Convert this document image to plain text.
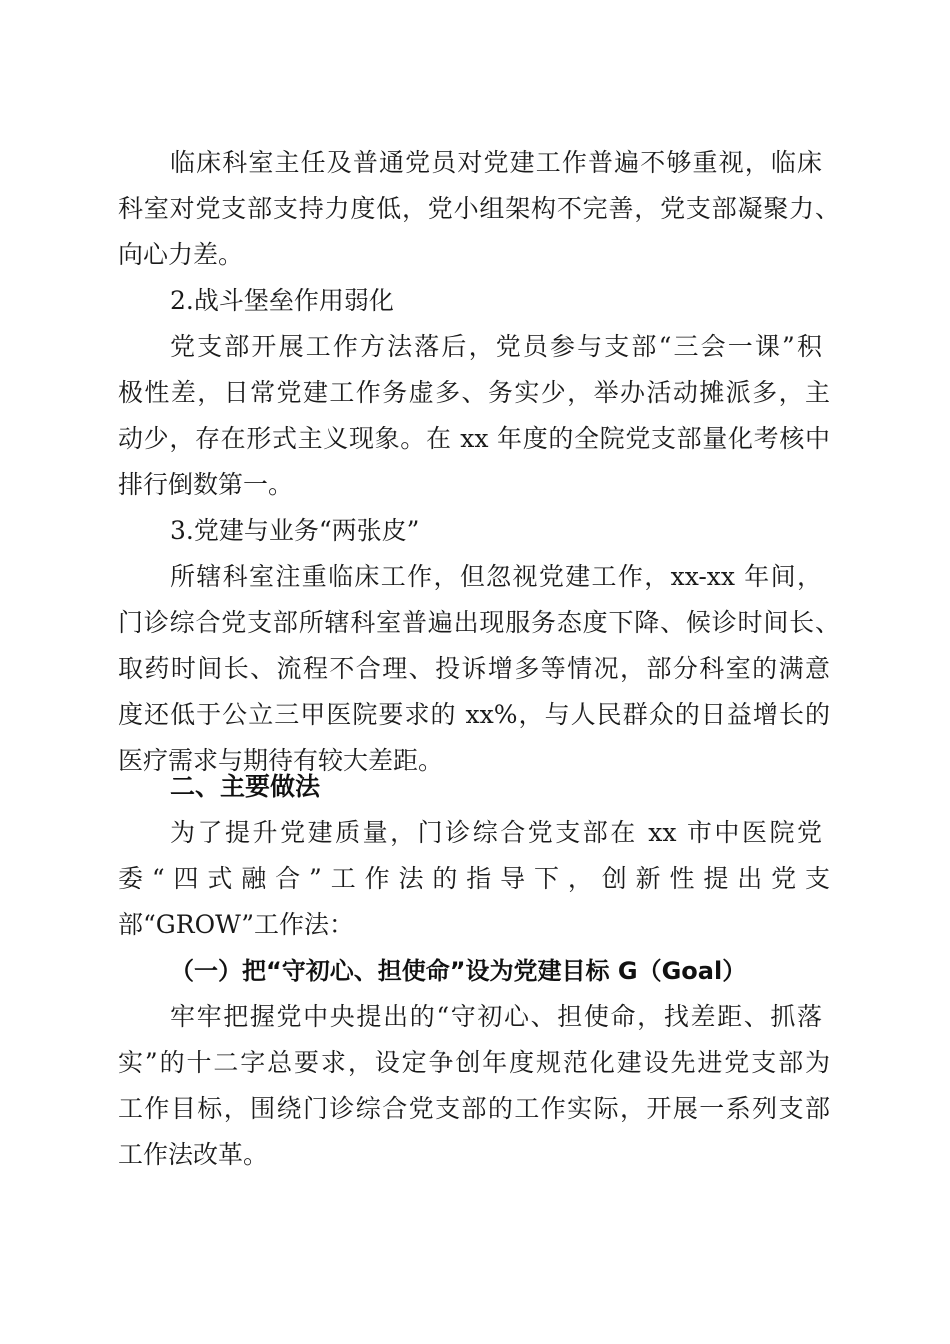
临床科室主任及普通党员对党建工作普遍不够重视，临床
科室对党支部支持力度低，党小组架构不完善，党支部凝聚力、
向心力差。
2.战斗堡垒作用弱化
党支部开展工作方法落后，党员参与支部“三会一课”积
极性差，日常党建工作务虚多、务实少，举办活动摊派多，主
动少，存在形式主义现象。在 xx 年度的全院党支部量化考核中
排行倒数第一。
3.党建与业务“两张皮”
所辖科室注重临床工作，但忽视党建工作，xx-xx 年间，
门诊综合党支部所辖科室普遍出现服务态度下降、候诊时间长、
取药时间长、流程不合理、投诉增多等情况，部分科室的满意
度还低于公立三甲医院要求的 xx%，与人民群众的日益增长的
医疗需求与期待有较大差距。
二、主要做法
为了提升党建质量，门诊综合党支部在 xx 市中医院党
委“四式融合”工作法的指导下，创新性提出党支
部“GROW”工作法：
（一）把“守初心、担使命”设为党建目标 G（Goal）
牢牢把握党中央提出的“守初心、担使命，找差距、抓落
实”的十二字总要求，设定争创年度规范化建设先进党支部为
工作目标，围绕门诊综合党支部的工作实际，开展一系列支部
工作法改革。
